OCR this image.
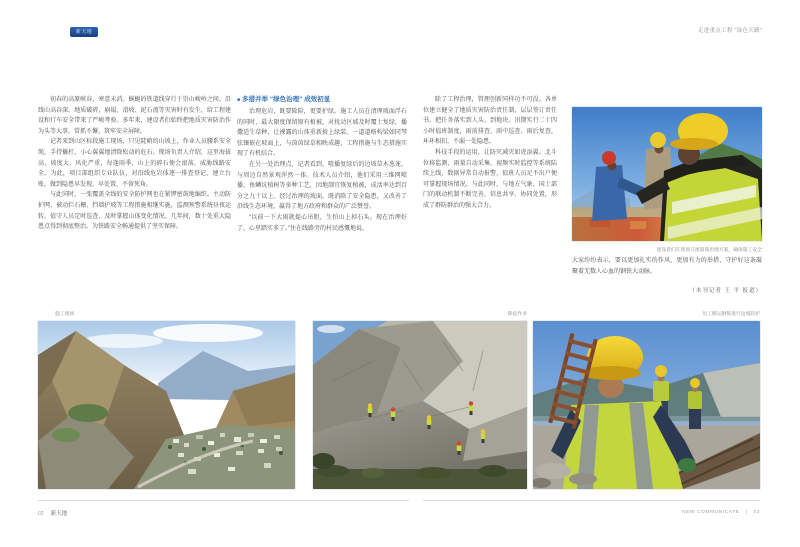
新天地	走进重点工程 “绿色天路”

初春的高原峡谷，寒意未消。蜿蜒的铁道线穿行于崇山峻岭之间，沿线山高谷深、地质破碎，崩塌、滑坡、泥石流等灾害时有发生，给工程建设和行车安全带来了严峻考验。多年来，建设者们始终把地质灾害防治作为头等大事，常抓不懈，筑牢安全屏障。

记者来到山区标段施工现场，只见陡峭的山坡上，作业人员腰系安全绳，手持撬杠，小心翼翼地清除松动的危石。现场负责人介绍，这里海拔高、坡度大、风化严重，每逢雨季，山上的碎石便会滚落，威胁线路安全。为此，项目部组织专业队伍，对沿线危岩体逐一排查登记，建立台账，做到隐患早发现、早处置，不留死角。

与此同时，一张覆盖全线的安全防护网也在紧锣密鼓地编织。主动防护网、被动拦石栅、挡墙护坡等工程措施相继实施，监测预警系统昼夜运转，值守人员定时巡查，及时掌握山体变化情况。几年间，数十处重大隐患点得到彻底整治，为铁路安全畅通提供了坚实保障。

■ 多措并举 “绿色治理” 成效初显

治理危岩，既要除险，更要护绿。施工人员在清理坡面浮石的同时，最大限度保留原有植被，对扰动区域及时覆土复绿，播撒适生草种，让裸露的山体重新披上绿装。一道道格构梁如同琴弦镶嵌在坡面上，与茵茵绿草相映成趣，工程措施与生态措施实现了有机结合。

在另一处治理点，记者看到，喷播复绿后的边坡草木葱茏，与周边自然景观浑然一体。技术人员介绍，他们采用三维网喷播、鱼鳞坑植树等多种工艺，因地制宜恢复植被，成活率达到百分之九十以上。经过治理的坡面，既消除了安全隐患，又改善了沿线生态环境，赢得了地方政府和群众的广泛赞誉。

“以前一下大雨就提心吊胆，生怕山上掉石头。现在治理好了，心里踏实多了。”住在线路旁的村民感慨地说。

除了工程治理，管理创新同样功不可没。各单位建立健全了地质灾害防治责任制，层层签订责任书，把任务落实到人头、到地块。汛期实行二十四小时值班制度，雨前排查、雨中巡查、雨后复查，环环相扣，不漏一处隐患。

科技手段的运用，让防灾减灾如虎添翼。北斗位移监测、雨量自动采集、视频实时监控等系统陆续上线，数据异常自动报警，值班人员足不出户便可掌握现场情况。与此同时，与地方气象、国土部门的联动机制不断完善，信息共享、协同处置，形成了群防群治的强大合力。

建设者们在现场交流崩塌治理方案，确保施工安全
大家纷纷表示，要以更加扎实的作风、更加有力的举措，守护好这条凝聚着无数人心血的钢铁大动脉。
（本刊记者 王 平 报道）
施工现场	除危作业	员工搬运钢筋进行边坡防护
02 新天地	NEW COMMUNICATE | 03
